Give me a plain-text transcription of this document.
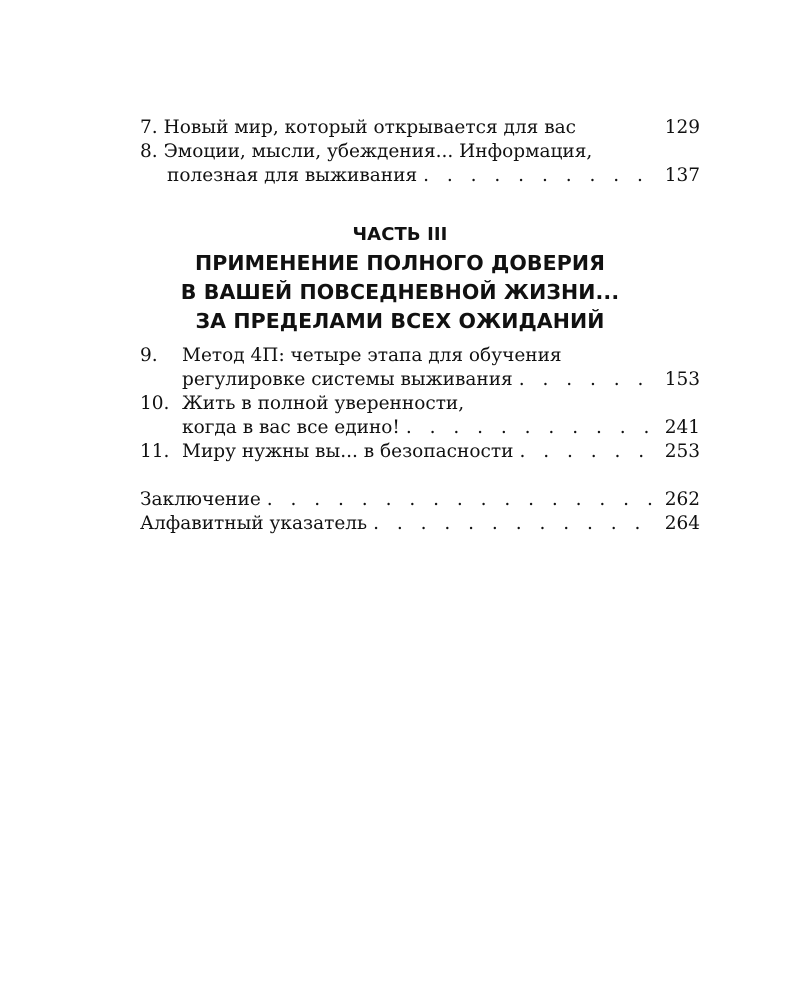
7. Новый мир, который открывается для вас	129
8. Эмоции, мысли, убеждения... Информация,
полезная для выживания . . .	137
ЧАСТЬ III
ПРИМЕНЕНИЕ ПОЛНОГО ДОВЕРИЯ
В ВАШЕЙ ПОВСЕДНЕВНОЙ ЖИЗНИ...
ЗА ПРЕДЕЛАМИ ВСЕХ ОЖИДАНИЙ
9.	Метод 4П: четыре этапа для обучения
регулировке системы выживания . . .	153
10. Жить в полной уверенности,
когда в вас все едино! . . .	241
11. Миру нужны вы... в безопасности . . .	253
Заключение . . .	262
Алфавитный указатель . . .	264
